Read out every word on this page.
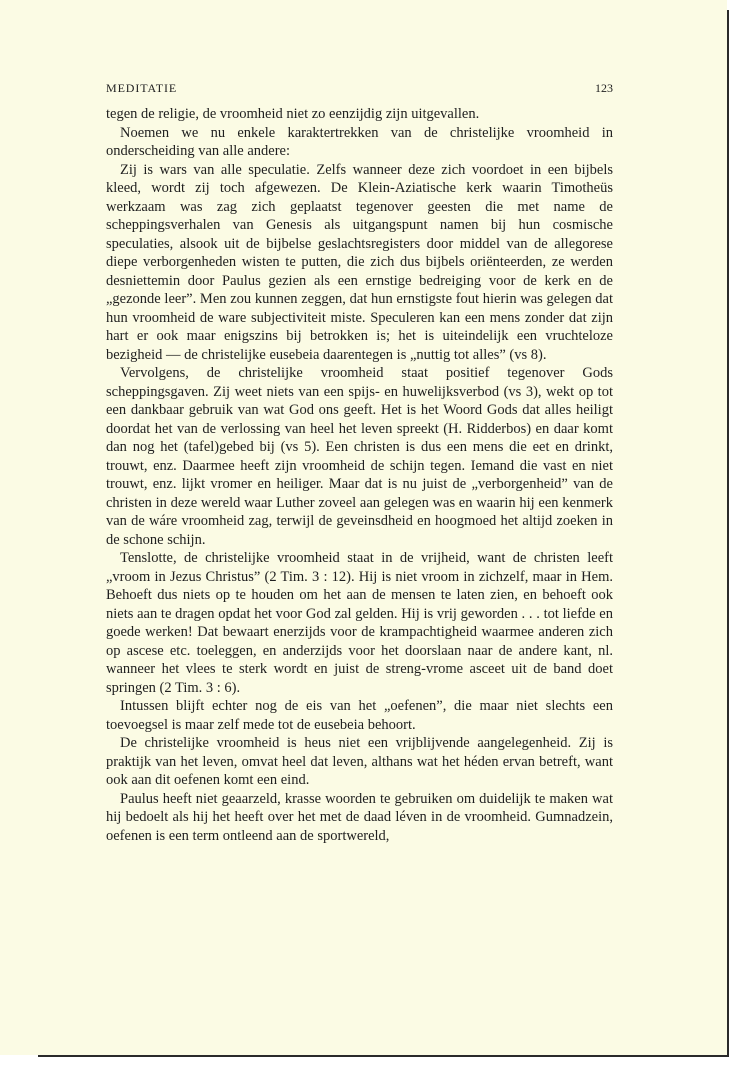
MEDITATIE	123

tegen de religie, de vroomheid niet zo eenzijdig zijn uitgevallen.

Noemen we nu enkele karaktertrekken van de christelijke vroomheid in onderscheiding van alle andere:

Zij is wars van alle speculatie. Zelfs wanneer deze zich voordoet in een bijbels kleed, wordt zij toch afgewezen. De Klein-Aziatische kerk waarin Timotheüs werkzaam was zag zich geplaatst tegenover geesten die met name de scheppingsverhalen van Genesis als uitgangspunt namen bij hun cosmische speculaties, alsook uit de bijbelse geslachtsregisters door middel van de allegorese diepe verborgenheden wisten te putten, die zich dus bijbels oriënteerden, ze werden desniettemin door Paulus gezien als een ernstige bedreiging voor de kerk en de „gezonde leer”. Men zou kunnen zeggen, dat hun ernstigste fout hierin was gelegen dat hun vroomheid de ware subjectiviteit miste. Speculeren kan een mens zonder dat zijn hart er ook maar enigszins bij betrokken is; het is uiteindelijk een vruchteloze bezigheid — de christelijke eusebeia daarentegen is „nuttig tot alles” (vs 8).

Vervolgens, de christelijke vroomheid staat positief tegenover Gods scheppingsgaven. Zij weet niets van een spijs- en huwelijksverbod (vs 3), wekt op tot een dankbaar gebruik van wat God ons geeft. Het is het Woord Gods dat alles heiligt doordat het van de verlossing van heel het leven spreekt (H. Ridderbos) en daar komt dan nog het (tafel)gebed bij (vs 5). Een christen is dus een mens die eet en drinkt, trouwt, enz. Daarmee heeft zijn vroomheid de schijn tegen. Iemand die vast en niet trouwt, enz. lijkt vromer en heiliger. Maar dat is nu juist de „verborgenheid” van de christen in deze wereld waar Luther zoveel aan gelegen was en waarin hij een kenmerk van de wáre vroomheid zag, terwijl de geveinsdheid en hoogmoed het altijd zoeken in de schone schijn.

Tenslotte, de christelijke vroomheid staat in de vrijheid, want de christen leeft „vroom in Jezus Christus” (2 Tim. 3 : 12). Hij is niet vroom in zichzelf, maar in Hem. Behoeft dus niets op te houden om het aan de mensen te laten zien, en behoeft ook niets aan te dragen opdat het voor God zal gelden. Hij is vrij geworden . . . tot liefde en goede werken! Dat bewaart enerzijds voor de krampachtigheid waarmee anderen zich op ascese etc. toeleggen, en anderzijds voor het doorslaan naar de andere kant, nl. wanneer het vlees te sterk wordt en juist de streng-vrome asceet uit de band doet springen (2 Tim. 3 : 6).

Intussen blijft echter nog de eis van het „oefenen”, die maar niet slechts een toevoegsel is maar zelf mede tot de eusebeia behoort.

De christelijke vroomheid is heus niet een vrijblijvende aangelegenheid. Zij is praktijk van het leven, omvat heel dat leven, althans wat het héden ervan betreft, want ook aan dit oefenen komt een eind.

Paulus heeft niet geaarzeld, krasse woorden te gebruiken om duidelijk te maken wat hij bedoelt als hij het heeft over het met de daad léven in de vroomheid. Gumnadzein, oefenen is een term ontleend aan de sportwereld,
